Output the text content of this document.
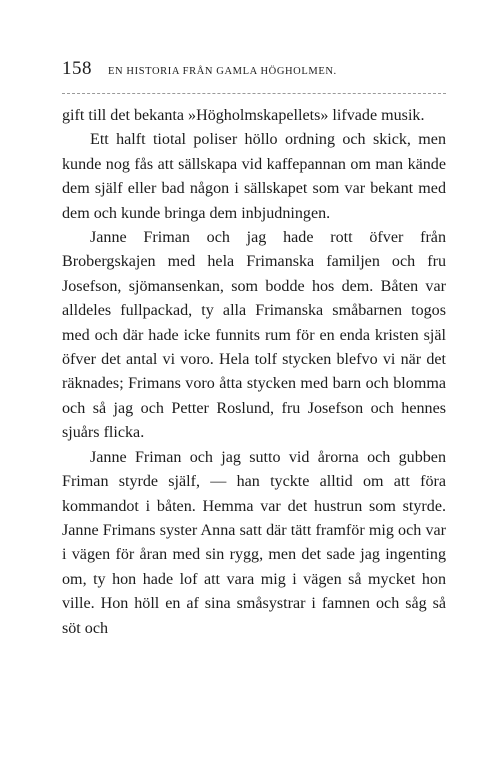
158 EN HISTORIA FRÅN GAMLA HÖGHOLMEN.

gift till det bekanta »Högholmskapellets» lifvade musik.

Ett halft tiotal poliser höllo ordning och skick, men kunde nog fås att sällskapa vid kaffepannan om man kände dem själf eller bad någon i sällskapet som var bekant med dem och kunde bringa dem inbjudningen.

Janne Friman och jag hade rott öfver från Brobergskajen med hela Frimanska familjen och fru Josefson, sjömansenkan, som bodde hos dem. Båten var alldeles fullpackad, ty alla Frimanska småbarnen togos med och där hade icke funnits rum för en enda kristen själ öfver det antal vi voro. Hela tolf stycken blefvo vi när det räknades; Frimans voro åtta stycken med barn och blomma och så jag och Petter Roslund, fru Josefson och hennes sjuårs flicka.

Janne Friman och jag sutto vid årorna och gubben Friman styrde själf, — han tyckte alltid om att föra kommandot i båten. Hemma var det hustrun som styrde. Janne Frimans syster Anna satt där tätt framför mig och var i vägen för åran med sin rygg, men det sade jag ingenting om, ty hon hade lof att vara mig i vägen så mycket hon ville. Hon höll en af sina småsystrar i famnen och såg så söt och
